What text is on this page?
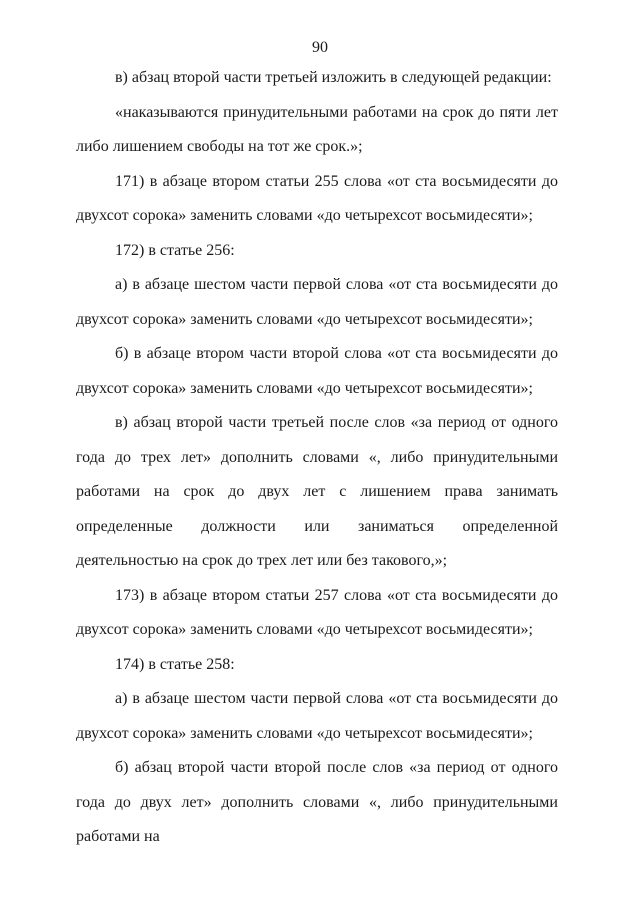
90

в) абзац второй части третьей изложить в следующей редакции:

«наказываются принудительными работами на срок до пяти лет либо лишением свободы на тот же срок.»;

171) в абзаце втором статьи 255 слова «от ста восьмидесяти до двухсот сорока» заменить словами «до четырехсот восьмидесяти»;

172) в статье 256:

а) в абзаце шестом части первой слова «от ста восьмидесяти до двухсот сорока» заменить словами «до четырехсот восьмидесяти»;

б) в абзаце втором части второй слова «от ста восьмидесяти до двухсот сорока» заменить словами «до четырехсот восьмидесяти»;

в) абзац второй части третьей после слов «за период от одного года до трех лет» дополнить словами «, либо принудительными работами на срок до двух лет с лишением права занимать определенные должности или заниматься определенной деятельностью на срок до трех лет или без такового,»;

173) в абзаце втором статьи 257 слова «от ста восьмидесяти до двухсот сорока» заменить словами «до четырехсот восьмидесяти»;

174) в статье 258:

а) в абзаце шестом части первой слова «от ста восьмидесяти до двухсот сорока» заменить словами «до четырехсот восьмидесяти»;

б) абзац второй части второй после слов «за период от одного года до двух лет» дополнить словами «, либо принудительными работами на
